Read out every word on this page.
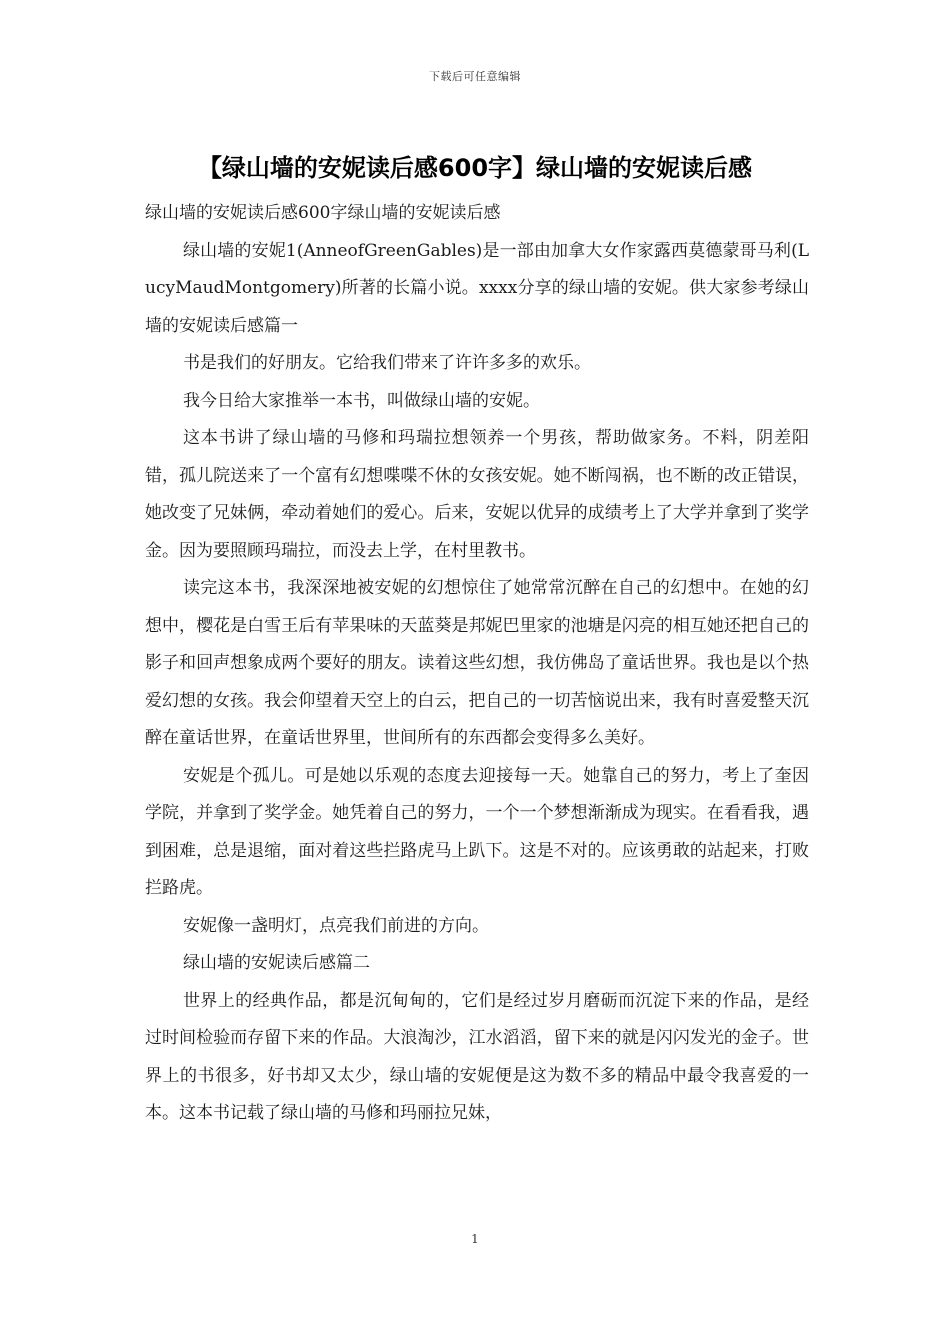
下载后可任意编辑
【绿山墙的安妮读后感600字】绿山墙的安妮读后感

绿山墙的安妮读后感600字绿山墙的安妮读后感

绿山墙的安妮1(AnneofGreenGables)是一部由加拿大女作家露西莫德蒙哥马利(LucyMaudMontgomery)所著的长篇小说。xxxx分享的绿山墙的安妮。供大家参考绿山墙的安妮读后感篇一

书是我们的好朋友。它给我们带来了许许多多的欢乐。

我今日给大家推举一本书，叫做绿山墙的安妮。

这本书讲了绿山墙的马修和玛瑞拉想领养一个男孩，帮助做家务。不料，阴差阳错，孤儿院送来了一个富有幻想喋喋不休的女孩安妮。她不断闯祸，也不断的改正错误，她改变了兄妹俩，牵动着她们的爱心。后来，安妮以优异的成绩考上了大学并拿到了奖学金。因为要照顾玛瑞拉，而没去上学，在村里教书。

读完这本书，我深深地被安妮的幻想惊住了她常常沉醉在自己的幻想中。在她的幻想中，樱花是白雪王后有苹果味的天蓝葵是邦妮巴里家的池塘是闪亮的相互她还把自己的影子和回声想象成两个要好的朋友。读着这些幻想，我仿佛岛了童话世界。我也是以个热爱幻想的女孩。我会仰望着天空上的白云，把自己的一切苦恼说出来，我有时喜爱整天沉醉在童话世界，在童话世界里，世间所有的东西都会变得多么美好。

安妮是个孤儿。可是她以乐观的态度去迎接每一天。她靠自己的努力，考上了奎因学院，并拿到了奖学金。她凭着自己的努力，一个一个梦想渐渐成为现实。在看看我，遇到困难，总是退缩，面对着这些拦路虎马上趴下。这是不对的。应该勇敢的站起来，打败拦路虎。

安妮像一盏明灯，点亮我们前进的方向。

绿山墙的安妮读后感篇二

世界上的经典作品，都是沉甸甸的，它们是经过岁月磨砺而沉淀下来的作品，是经过时间检验而存留下来的作品。大浪淘沙，江水滔滔，留下来的就是闪闪发光的金子。世界上的书很多，好书却又太少，绿山墙的安妮便是这为数不多的精品中最令我喜爱的一本。这本书记载了绿山墙的马修和玛丽拉兄妹，

1
